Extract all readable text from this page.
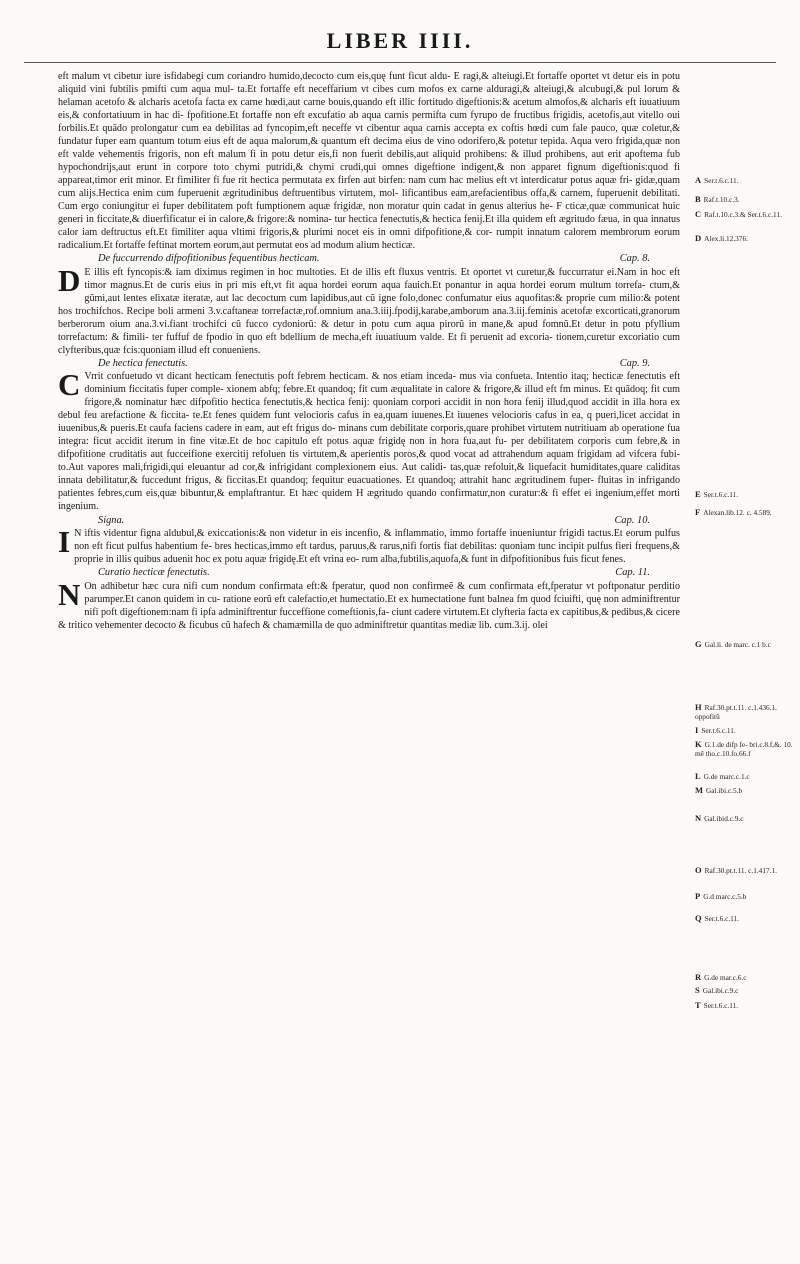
LIBER IIII.

eft malum vt cibetur iure isfidabegi cum coriandro humido,decocto cum eis,quę funt ficut aldu- E ragi,& alteiugi.Et fortaffe oportet vt detur eis in potu aliquid vini fubtilis pmifti cum aqua mul- ta.Et fortaffe eft neceffarium vt cibes cum mofos ex carne alduragi,& alteiugi,& alcubugi,& pul lorum & helaman acetofo & alcharis acetofa facta ex carne hœdi,aut carne bouis,quando eft illic fortitudo digeftionis:& acetum almofos,& alcharis eft iuuatiuum eis,& confortatiuum in hac di- fpofitione.Et fortaffe non eft excufatio ab aqua carnis permifta cum fyrupo de fructibus frigidis, acetofis,aut vitello oui forbilis.Et quãdo prolongatur cum ea debilitas ad fyncopim,eft neceffe vt cibentur aqua carnis accepta ex coftis hœdi cum fale pauco, quæ coletur,& fundatur fuper eam quantum totum eius eft de aqua malorum,& quantum eft decima eius de vino odorifero,& potetur tepida. Aqua vero frigida,quæ non eft valde vehementis frigoris, non eft malum fi in potu detur eis,fi non fuerit debilis,aut aliquid prohibens: & illud prohibens, aut erit apoftema fub hypochondrijs,aut erunt in corpore toto chymi putridi,& chymi crudi,qui omnes digeftione indigent,& non apparet fignum digeftionis:quod fi appareat,timor erit minor. Et fimiliter fi fue rit hectica permutata ex firfen aut birfen: nam cum hac melius eft vt interdicatur potus aquæ fri- gidæ,quam cum alijs.Hectica enim cum fuperuenit ægritudinibus deftruentibus virtutem, mol- lificantibus eam,arefacientibus offa,& carnem, fuperuenit debilitati. Cum ergo coniungitur ei fuper debilitatem poft fumptionem aquæ frigidæ, non moratur quin cadat in genus alterius he- F cticæ,quæ communicat huic generi in ficcitate,& diuerfificatur ei in calore,& frigore:& nomina- tur hectica fenectutis,& hectica fenij.Et illa quidem eft ægritudo fæua, in qua innatus calor iam deftructus eft.Et fimiliter aqua vltimi frigoris,& plurimi nocet eis in omni difpofitione,& cor- rumpit innatum calorem membrorum eorum radicalium.Et fortaffe feftinat mortem eorum,aut permutat eos ad modum alium hecticæ.

De fuccurrendo difpofitionibus fequentibus hecticam.	Cap. 8.

D E illis eft fyncopis:& iam diximus regimen in hoc multoties. Et de illis eft fluxus ventris. Et oportet vt curetur,& fuccurratur ei.Nam in hoc eft timor magnus.Et de curis eius in pri mis eft,vt fit aqua hordei eorum aqua fauich.Et ponantur in aqua hordei eorum multum torrefa- ctum,& gũmi,aut lentes elixatæ iteratæ, aut lac decoctum cum lapidibus,aut cũ igne folo,donec confumatur eius aquofitas:& proprie cum milio:& potent hos trochifchos. Recipe boli armeni 3.v.caftaneæ torrefactæ,rof.omnium ana.3.iiij.fpodij,karabe,amborum ana.3.iij.feminis acetofæ excorticati,granorum berberorum oium ana.3.vi.fiant trochifci cũ fucco cydoniorũ: & detur in potu cum aqua pirorũ in mane,& apud fomnũ.Et detur in potu pfyllium torrefactum: & fimili- ter fuffuf de fpodio in quo eft bdellium de mecha,eft iuuatiuum valde. Et fi peruenit ad excoria- tionem,curetur excoriatio cum clyfteribus,quæ fcis:quoniam illud eft conueniens.

De hectica fenectutis.	Cap. 9.

C Vrrit confuetudo vt dicant hecticam fenectutis poft febrem hecticam. & nos etiam inceda- mus via confueta. Intentio itaq; hecticæ fenectutis eft dominium ficcitatis fuper comple- xionem abfq; febre.Et quandoq; fit cum æqualitate in calore & frigore,& illud eft fm minus. Et quãdoq; fit cum frigore,& nominatur hæc difpofitio hectica fenectutis,& hectica fenij: quoniam corpori accidit in non hora fenij illud,quod accidit in illa hora ex debul feu arefactione & ficcita- te.Et fenes quidem funt velocioris cafus in ea,quam iuuenes.Et iuuenes velocioris cafus in ea, q pueri,licet accidat in iuuenibus,& pueris.Et caufa faciens cadere in eam, aut eft frigus do- minans cum debilitate corporis,quare prohibet virtutem nutritiuam ab operatione fua integra: ficut accidit iterum in fine vitæ.Et de hoc capitulo eft potus aquæ frigidę non in hora fua,aut fu- per debilitatem corporis cum febre,& in difpofitione cruditatis aut fucceifione exercitij refoluen tis virtutem,& aperientis poros,& quod vocat ad attrahendum aquam frigidam ad vifcera fubi- to.Aut vapores mali,frigidi,qui eleuantur ad cor,& infrigidant complexionem eius. Aut calidi- tas,quæ refoluit,& liquefacit humiditates,quare caliditas innata debilitatur,& fuccedunt frigus, & ficcitas.Et quandoq; fequitur euacuationes. Et quandoq; attrahit hanc ægritudinem fuper- fluitas in infrigando patientes febres,cum eis,quæ bibuntur,& emplaftrantur. Et hæc quidem H ægritudo quando confirmatur,non curatur:& fi effet ei ingenium,effet morti ingenium.

Signa.	Cap. 10.

I N iftis videntur figna aldubul,& exiccationis:& non videtur in eis incenfio, & inflammatio, immo fortaffe inueniuntur frigidi tactus.Et eorum pulfus non eft ficut pulfus habentium fe- bres hecticas,immo eft tardus, paruus,& rarus,nifi fortis fiat debilitas: quoniam tunc incipit pulfus fieri frequens,& proprie in illis quibus aduenit hoc ex potu aquæ frigidę.Et eft vrina eo- rum alba,fubtilis,aquofa,& funt in difpofitionibus fuis ficut fenes.

Curatio hecticæ fenectutis.	Cap. 11.

N On adhibetur hæc cura nifi cum nondum confirmata eft:& fperatur, quod non confirmeẽ & cum confirmata eft,fperatur vt poftponatur perditio parumper.Et canon quidem in cu- ratione eorũ eft calefactio,et humectatio.Et ex humectatione funt balnea fm quod fciuifti, quę non adminiftrentur nifi poft digeftionem:nam fi ipfa adminiftrentur fucceffione comeftionis,fa- ciunt cadere virtutem.Et clyfteria facta ex capitibus,& pedibus,& cicere & tritico vehementer decocto & ficubus cũ hafech & chamæmilla de quo adminiftretur quantitas mediæ lib. cum.3.ij. olei

A Ser.t.6.c.11.
B Raf.t.10.c.3.
C Raf.t.10.c.3.& Ser.t.6.c.11.
D Alex.li.12.376.
E Ser.t.6.c.11.
F Alexan.lib.12. c. 4.589.
G Gal.li. de marc. c.1 b.c
H Raf.30.pt.t.11. c.1.436.1. oppofitũ
I Ser.t.6.c.11.
K G.1.de difp fe- bri.c.8.f,&. 10. mě tho.c.10.fo.66.f
L G.de marc.c.1.c
M Gal.ibi.c.5.b
N Gal.ibid.c.9.c
O Raf.30.pt.t.11. c.1.417.1.
P G.d marc.c.5.b
Q Ser.t.6.c.11.
R G.de mar.c.6.c
S Gal.ibi.c.9.c
T Ser.t.6.c.11.
